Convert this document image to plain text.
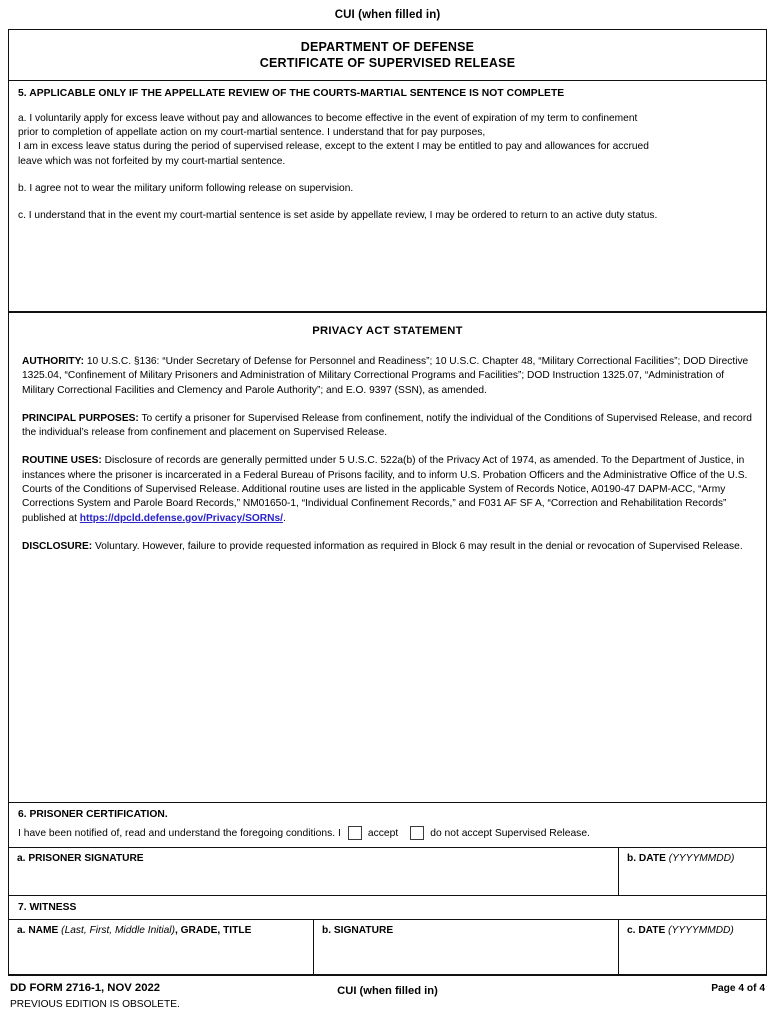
CUI (when filled in)
DEPARTMENT OF DEFENSE
CERTIFICATE OF SUPERVISED RELEASE
5. APPLICABLE ONLY IF THE APPELLATE REVIEW OF THE COURTS-MARTIAL SENTENCE IS NOT COMPLETE

a. I voluntarily apply for excess leave without pay and allowances to become effective in the event of expiration of my term to confinement
prior to completion of appellate action on my court-martial sentence. I understand that for pay purposes,
I am in excess leave status during the period of supervised release, except to the extent I may be entitled to pay and allowances for accrued
leave which was not forfeited by my court-martial sentence.

b. I agree not to wear the military uniform following release on supervision.

c. I understand that in the event my court-martial sentence is set aside by appellate review, I may be ordered to return to an active duty status.

PRIVACY ACT STATEMENT

AUTHORITY: 10 U.S.C. §136: “Under Secretary of Defense for Personnel and Readiness”; 10 U.S.C. Chapter 48, “Military Correctional Facilities”; DOD Directive 1325.04, “Confinement of Military Prisoners and Administration of Military Correctional Programs and Facilities”; DOD Instruction 1325.07, “Administration of Military Correctional Facilities and Clemency and Parole Authority”; and E.O. 9397 (SSN), as amended.

PRINCIPAL PURPOSES: To certify a prisoner for Supervised Release from confinement, notify the individual of the Conditions of Supervised Release, and record the individual’s release from confinement and placement on Supervised Release.

ROUTINE USES: Disclosure of records are generally permitted under 5 U.S.C. 522a(b) of the Privacy Act of 1974, as amended. To the Department of Justice, in instances where the prisoner is incarcerated in a Federal Bureau of Prisons facility, and to inform U.S. Probation Officers and the Administrative Office of the U.S. Courts of the Conditions of Supervised Release. Additional routine uses are listed in the applicable System of Records Notice, A0190-47 DAPM-ACC, “Army Corrections System and Parole Board Records,” NM01650-1, “Individual Confinement Records,” and F031 AF SF A, “Correction and Rehabilitation Records” published at https://dpcld.defense.gov/Privacy/SORNs/.

DISCLOSURE: Voluntary. However, failure to provide requested information as required in Block 6 may result in the denial or revocation of Supervised Release.

6. PRISONER CERTIFICATION.
I have been notified of, read and understand the foregoing conditions. I	accept	do not accept Supervised Release.
a. PRISONER SIGNATURE	b. DATE (YYYYMMDD)
7. WITNESS
a. NAME (Last, First, Middle Initial), GRADE, TITLE	b. SIGNATURE	c. DATE (YYYYMMDD)
DD FORM 2716-1, NOV 2022
PREVIOUS EDITION IS OBSOLETE.
CUI (when filled in)	Page 4 of 4
